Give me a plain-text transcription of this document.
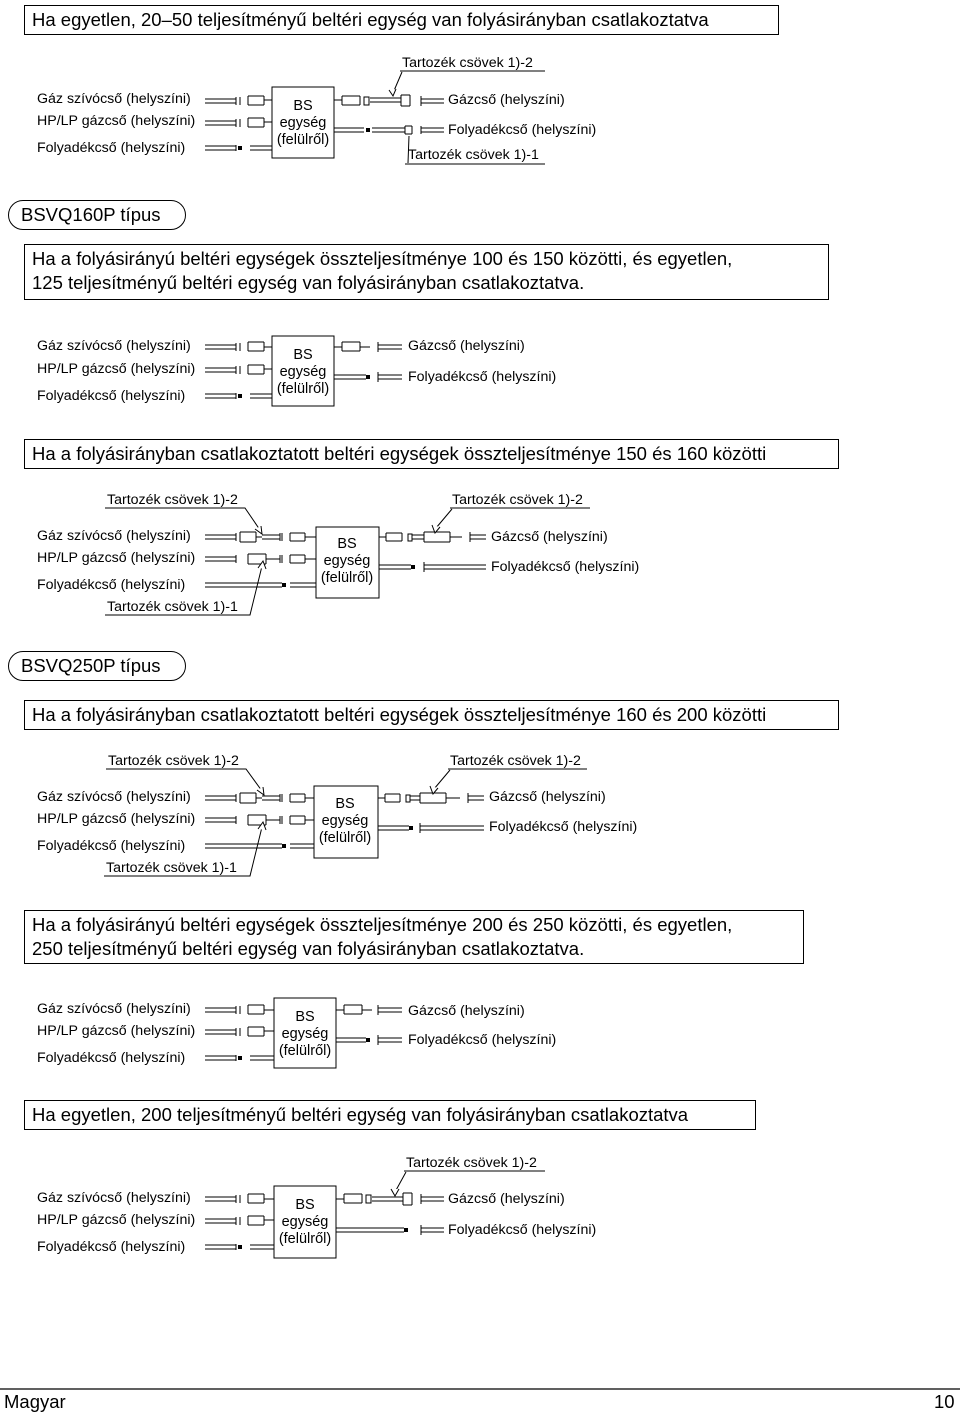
Ha egyetlen, 20–50 teljesítményű beltéri egység van folyásirányban csatlakoztatva
Tartozék csövek 1)-2
Gáz szívócső (helyszíni)
HP/LP gázcső (helyszíni)
Folyadékcső (helyszíni)
BS
egység
(felülről)
Gázcső (helyszíni)
Folyadékcső (helyszíni)
Tartozék csövek 1)-1
BSVQ160P típus
Ha a folyásirányú beltéri egységek összteljesítménye 100 és 150 közötti, és egyetlen,
125 teljesítményű beltéri egység van folyásirányban csatlakoztatva.
Gáz szívócső (helyszíni)
HP/LP gázcső (helyszíni)
Folyadékcső (helyszíni)
BS
egység
(felülről)
Gázcső (helyszíni)
Folyadékcső (helyszíni)
Ha a folyásirányban csatlakoztatott beltéri egységek összteljesítménye 150 és 160 közötti
Tartozék csövek 1)-2	Tartozék csövek 1)-2
Gáz szívócső (helyszíni)
HP/LP gázcső (helyszíni)
Folyadékcső (helyszíni)
Tartozék csövek 1)-1
BS
egység
(felülről)
Gázcső (helyszíni)
Folyadékcső (helyszíni)
BSVQ250P típus
Ha a folyásirányban csatlakoztatott beltéri egységek összteljesítménye 160 és 200 közötti
Tartozék csövek 1)-2	Tartozék csövek 1)-2
Gáz szívócső (helyszíni)
HP/LP gázcső (helyszíni)
Folyadékcső (helyszíni)
Tartozék csövek 1)-1
BS
egység
(felülről)
Gázcső (helyszíni)
Folyadékcső (helyszíni)
Ha a folyásirányú beltéri egységek összteljesítménye 200 és 250 közötti, és egyetlen,
250 teljesítményű beltéri egység van folyásirányban csatlakoztatva.
Gáz szívócső (helyszíni)
HP/LP gázcső (helyszíni)
Folyadékcső (helyszíni)
BS
egység
(felülről)
Gázcső (helyszíni)
Folyadékcső (helyszíni)
Ha egyetlen, 200 teljesítményű beltéri egység van folyásirányban csatlakoztatva
Tartozék csövek 1)-2
Gáz szívócső (helyszíni)
HP/LP gázcső (helyszíni)
Folyadékcső (helyszíni)
BS
egység
(felülről)
Gázcső (helyszíni)
Folyadékcső (helyszíni)
Magyar	10
